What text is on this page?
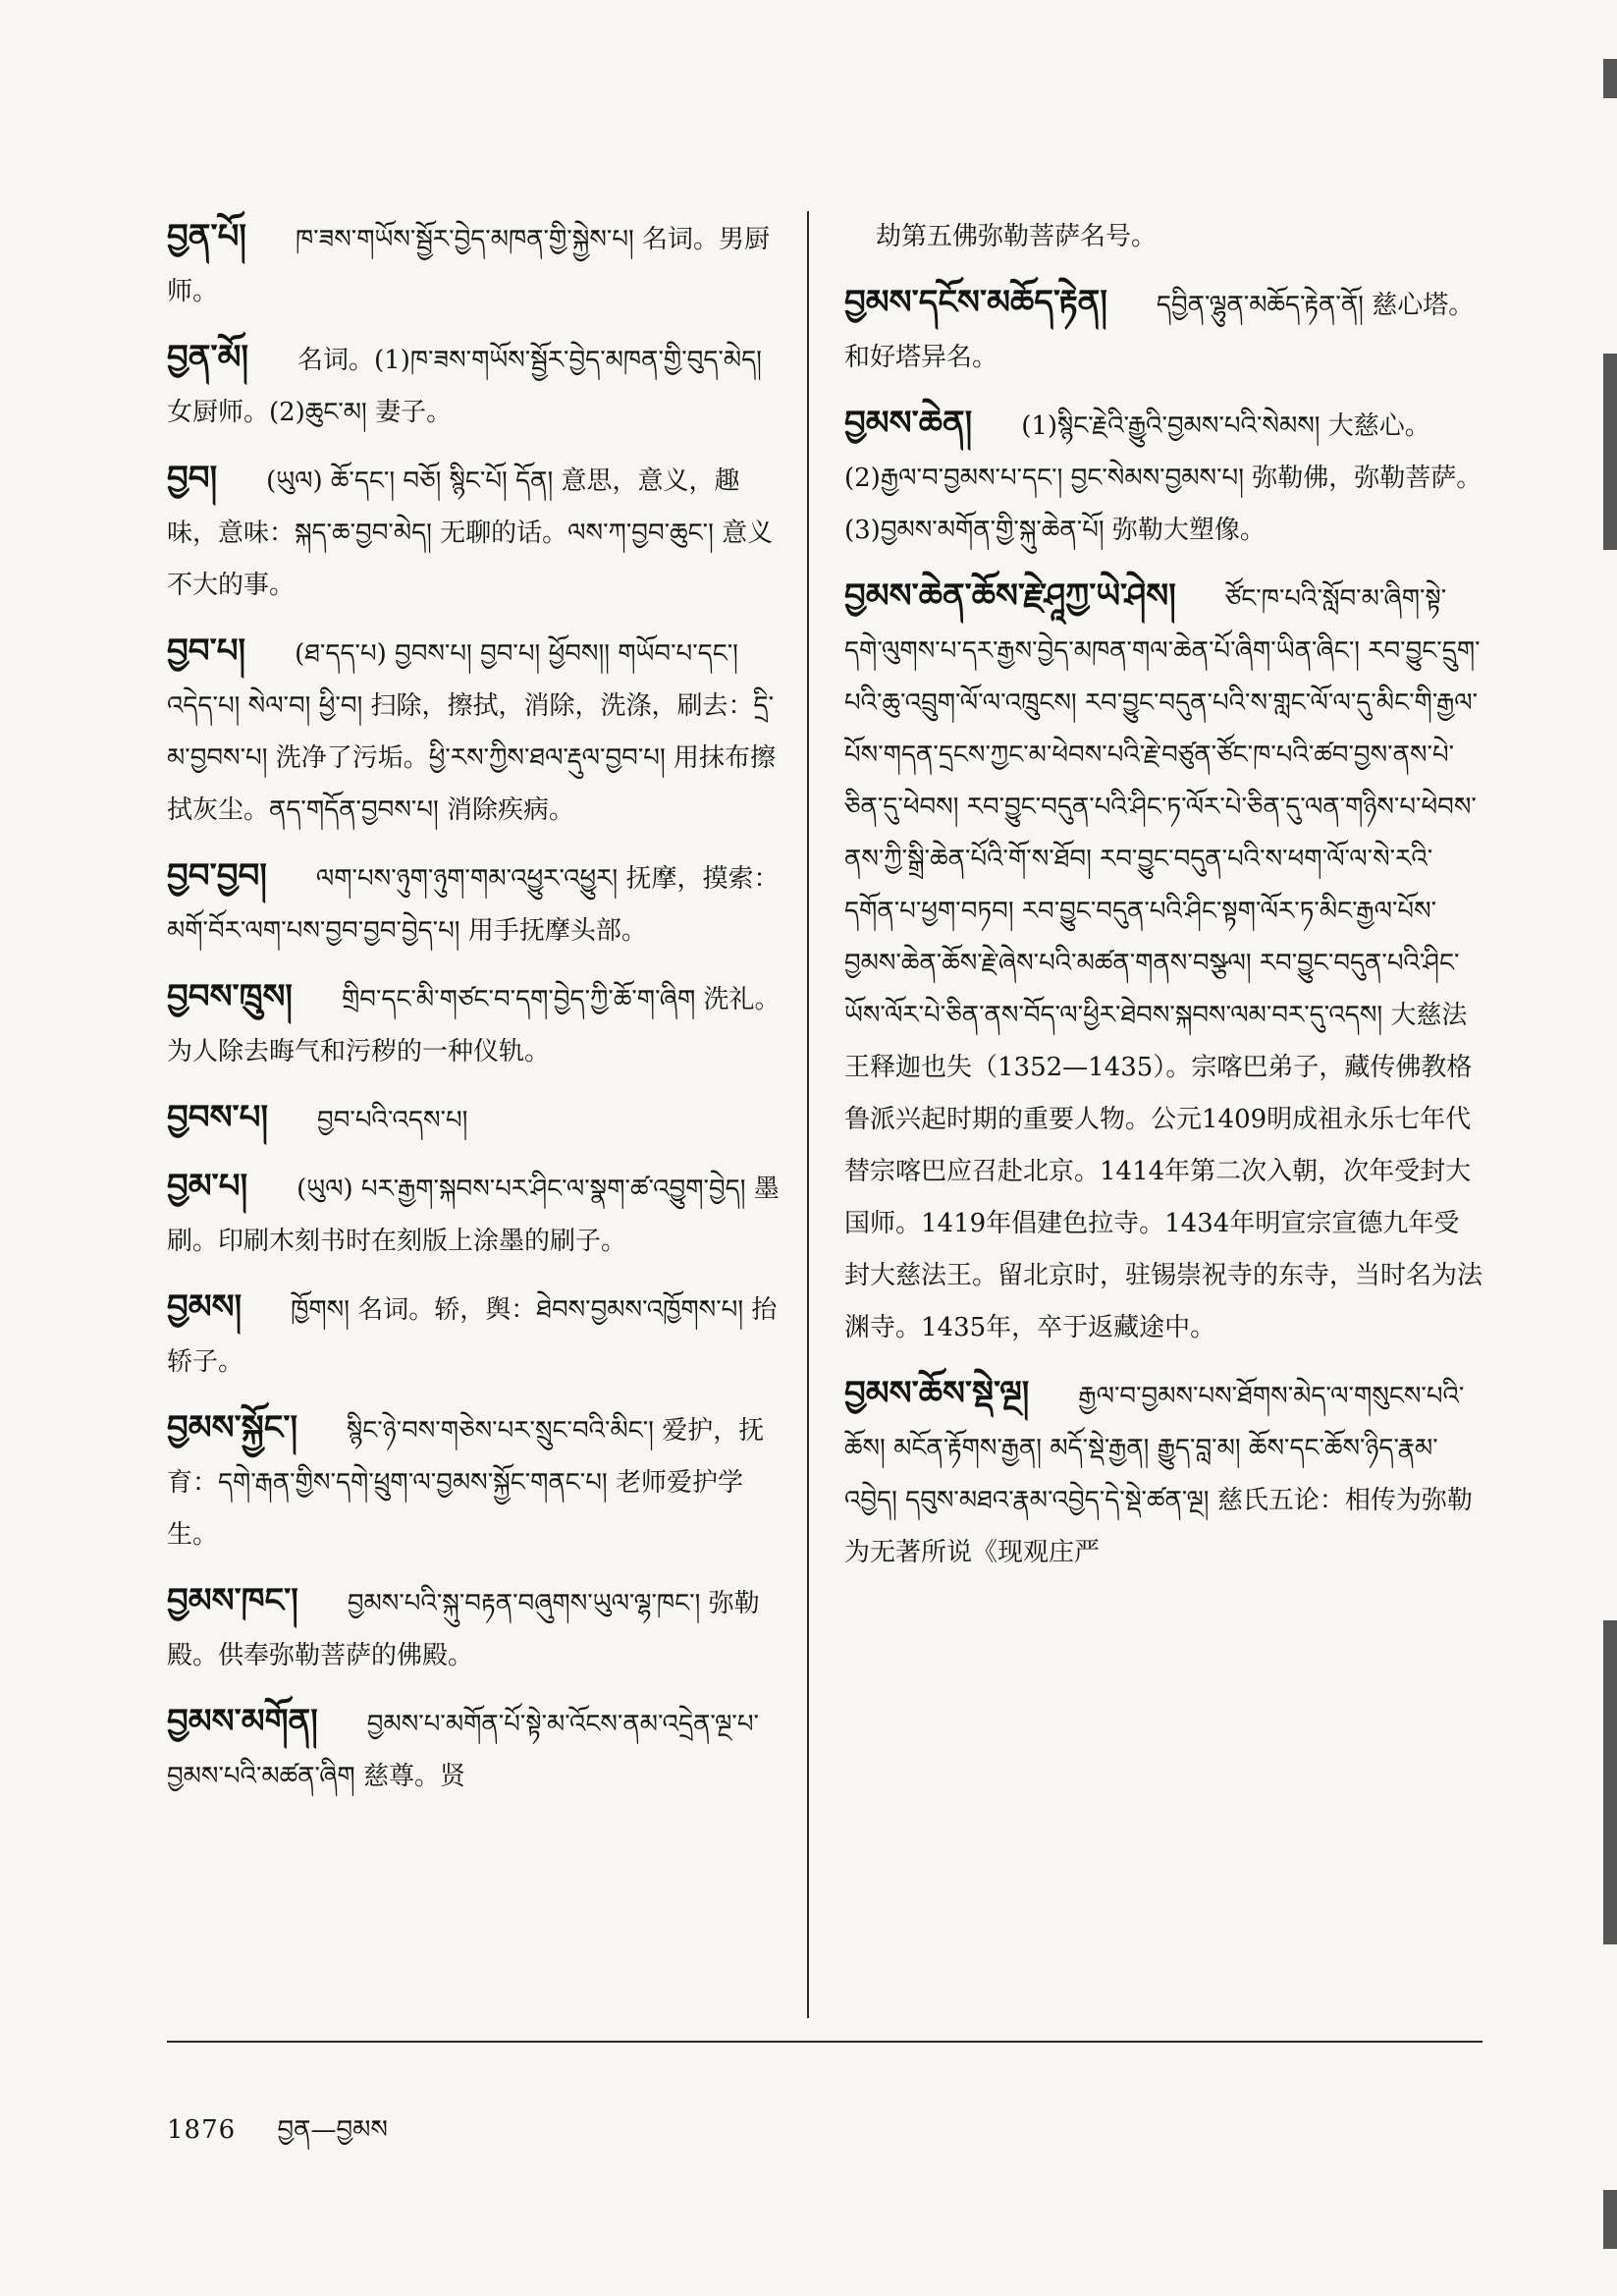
བྱན་པོ། ཁ་ཟས་གཡོས་སྦྱོར་བྱེད་མཁན་གྱི་སྐྱེས་པ། 名词。男厨师。
བྱན་མོ། 名词。(1)ཁ་ཟས་གཡོས་སྦྱོར་བྱེད་མཁན་གྱི་བུད་མེད། 女厨师。(2)ཆུང་མ། 妻子。
བྱབ། (ཡུལ) ཆོ་དང་། བཅོ། སྙིང་པོ། དོན། 意思，意义，趣味，意味：སྐད་ཆ་བྱབ་མེད། 无聊的话。ལས་ཀ་བྱབ་ཆུང་། 意义不大的事。
བྱབ་པ། (ཐ་དད་པ) བྱབས་པ། བྱབ་པ། ཕྱོབས།། གཡོབ་པ་དང་། འདེད་པ། སེལ་བ། ཕྱི་བ། 扫除，擦拭，消除，洗涤，刷去：དྲི་མ་བྱབས་པ། 洗净了污垢。ཕྱི་རས་ཀྱིས་ཐལ་རྡུལ་བྱབ་པ། 用抹布擦拭灰尘。ནད་གདོན་བྱབས་པ། 消除疾病。
བྱབ་བྱབ། ལག་པས་ཉུག་ཉུག་གམ་འཕྱུར་འཕྱུར། 抚摩，摸索：མགོ་བོར་ལག་པས་བྱབ་བྱབ་བྱེད་པ། 用手抚摩头部。
བྱབས་ཁྲུས། གྲིབ་དང་མི་གཙང་བ་དག་བྱེད་ཀྱི་ཆོ་ག་ཞིག 洗礼。为人除去晦气和污秽的一种仪轨。
བྱབས་པ། བྱབ་པའི་འདས་པ།
བྱམ་པ། (ཡུལ) པར་རྒྱག་སྐབས་པར་ཤིང་ལ་སྣག་ཚ་འབྱུག་བྱེད། 墨刷。印刷木刻书时在刻版上涂墨的刷子。
བྱམས། ཁྱོགས། 名词。轿，舆：ཐེབས་བྱམས་འཁྱོགས་པ། 抬轿子。
བྱམས་སྐྱོང་། སྙིང་ཉེ་བས་གཅེས་པར་སྲུང་བའི་མིང་། 爱护，抚育：དགེ་རྒན་གྱིས་དགེ་ཕྲུག་ལ་བྱམས་སྐྱོང་གནང་པ། 老师爱护学生。
བྱམས་ཁང་། བྱམས་པའི་སྐུ་བརྟན་བཞུགས་ཡུལ་ལྷ་ཁང་། 弥勒殿。供奉弥勒菩萨的佛殿。
བྱམས་མགོན། བྱམས་པ་མགོན་པོ་སྟེ་མ་འོངས་ནམ་འདྲེན་ལྔ་པ་བྱམས་པའི་མཚན་ཞིག 慈尊。贤
劫第五佛弥勒菩萨名号。
བྱམས་དངོས་མཆོད་རྟེན། དབྱིན་ལྷུན་མཆོད་རྟེན་ནོ། 慈心塔。和好塔异名。
བྱམས་ཆེན། (1)སྙིང་རྗེའི་རྒྱུའི་བྱམས་པའི་སེམས། 大慈心。(2)རྒྱལ་བ་བྱམས་པ་དང་། བྱང་སེམས་བྱམས་པ། 弥勒佛，弥勒菩萨。(3)བྱམས་མགོན་གྱི་སྐུ་ཆེན་པོ། 弥勒大塑像。
བྱམས་ཆེན་ཆོས་རྗེ་ཤཱཀྱ་ཡེ་ཤེས། ཙོང་ཁ་པའི་སློབ་མ་ཞིག་སྟེ་དགེ་ལུགས་པ་དར་རྒྱས་བྱེད་མཁན་གལ་ཆེན་པོ་ཞིག་ཡིན་ཞིང་། རབ་བྱུང་དྲུག་པའི་ཆུ་འབྲུག་ལོ་ལ་འཁྲུངས། རབ་བྱུང་བདུན་པའི་ས་གླང་ལོ་ལ་དུ་མིང་གི་རྒྱལ་པོས་གདན་དྲངས་ཀྱང་མ་ཕེབས་པའི་རྗེ་བཙུན་ཙོང་ཁ་པའི་ཚབ་བྱས་ནས་པེ་ཅིན་དུ་ཕེབས། རབ་བྱུང་བདུན་པའི་ཤིང་ཏ་ལོར་པེ་ཅིན་དུ་ལན་གཉིས་པ་ཕེབས་ནས་ཀྱི་སྒྲི་ཆེན་པོའི་གོ་ས་ཐོབ། རབ་བྱུང་བདུན་པའི་ས་ཕག་ལོ་ལ་སེ་རའི་དགོན་པ་ཕྱག་བཏབ། རབ་བྱུང་བདུན་པའི་ཤིང་སྟག་ལོར་ཏ་མིང་རྒྱལ་པོས་བྱམས་ཆེན་ཆོས་རྗེ་ཞེས་པའི་མཚན་གནས་བསྩལ། རབ་བྱུང་བདུན་པའི་ཤིང་ཡོས་ལོར་པེ་ཅིན་ནས་བོད་ལ་ཕྱིར་ཐེབས་སྐབས་ལམ་བར་དུ་འདས། 大慈法王释迦也失（1352—1435）。宗喀巴弟子，藏传佛教格鲁派兴起时期的重要人物。公元1409明成祖永乐七年代替宗喀巴应召赴北京。1414年第二次入朝，次年受封大国师。1419年倡建色拉寺。1434年明宣宗宣德九年受封大慈法王。留北京时，驻锡崇祝寺的东寺，当时名为法渊寺。1435年，卒于返藏途中。
བྱམས་ཆོས་སྡེ་ལྔ། རྒྱལ་བ་བྱམས་པས་ཐོགས་མེད་ལ་གསུངས་པའི་ཆོས། མངོན་རྟོགས་རྒྱན། མདོ་སྡེ་རྒྱན། རྒྱུད་བླ་མ། ཆོས་དང་ཆོས་ཉིད་རྣམ་འབྱེད། དབུས་མཐའ་རྣམ་འབྱེད་དེ་སྡེ་ཚན་ལྔ། 慈氏五论：相传为弥勒为无著所说《现观庄严
1876 བྱན—བྱམས
